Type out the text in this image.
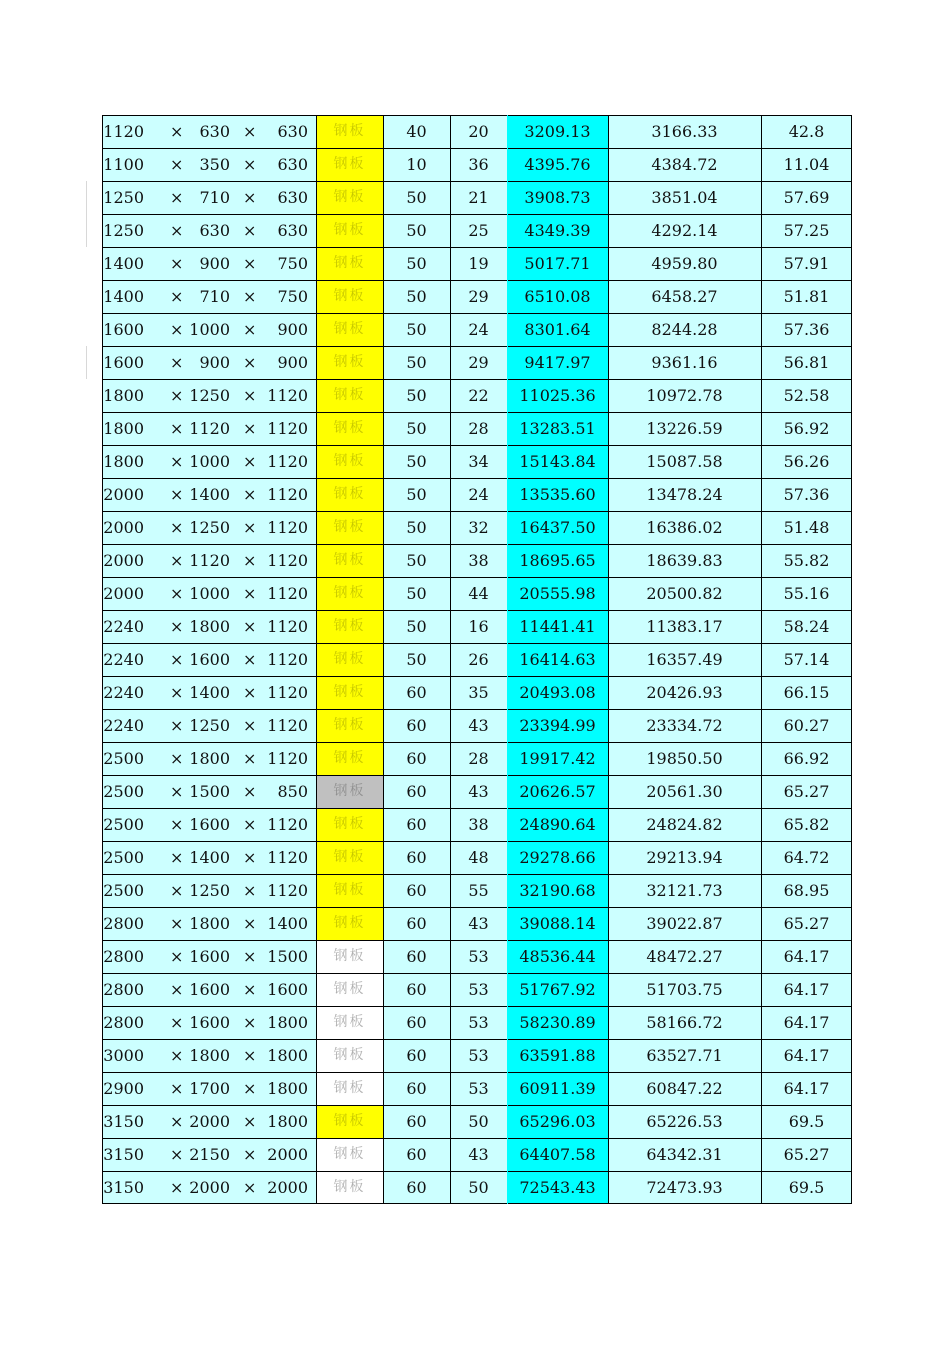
1120 × 630 × 630	钢板	40	20	3209.13	3166.33	42.8
1100 × 350 × 630	钢板	10	36	4395.76	4384.72	11.04
1250 × 710 × 630	钢板	50	21	3908.73	3851.04	57.69
1250 × 630 × 630	钢板	50	25	4349.39	4292.14	57.25
1400 × 900 × 750	钢板	50	19	5017.71	4959.80	57.91
1400 × 710 × 750	钢板	50	29	6510.08	6458.27	51.81
1600 × 1000 × 900	钢板	50	24	8301.64	8244.28	57.36
1600 × 900 × 900	钢板	50	29	9417.97	9361.16	56.81
1800 × 1250 × 1120	钢板	50	22	11025.36	10972.78	52.58
1800 × 1120 × 1120	钢板	50	28	13283.51	13226.59	56.92
1800 × 1000 × 1120	钢板	50	34	15143.84	15087.58	56.26
2000 × 1400 × 1120	钢板	50	24	13535.60	13478.24	57.36
2000 × 1250 × 1120	钢板	50	32	16437.50	16386.02	51.48
2000 × 1120 × 1120	钢板	50	38	18695.65	18639.83	55.82
2000 × 1000 × 1120	钢板	50	44	20555.98	20500.82	55.16
2240 × 1800 × 1120	钢板	50	16	11441.41	11383.17	58.24
2240 × 1600 × 1120	钢板	50	26	16414.63	16357.49	57.14
2240 × 1400 × 1120	钢板	60	35	20493.08	20426.93	66.15
2240 × 1250 × 1120	钢板	60	43	23394.99	23334.72	60.27
2500 × 1800 × 1120	钢板	60	28	19917.42	19850.50	66.92
2500 × 1500 × 850	钢板	60	43	20626.57	20561.30	65.27
2500 × 1600 × 1120	钢板	60	38	24890.64	24824.82	65.82
2500 × 1400 × 1120	钢板	60	48	29278.66	29213.94	64.72
2500 × 1250 × 1120	钢板	60	55	32190.68	32121.73	68.95
2800 × 1800 × 1400	钢板	60	43	39088.14	39022.87	65.27
2800 × 1600 × 1500	钢板	60	53	48536.44	48472.27	64.17
2800 × 1600 × 1600	钢板	60	53	51767.92	51703.75	64.17
2800 × 1600 × 1800	钢板	60	53	58230.89	58166.72	64.17
3000 × 1800 × 1800	钢板	60	53	63591.88	63527.71	64.17
2900 × 1700 × 1800	钢板	60	53	60911.39	60847.22	64.17
3150 × 2000 × 1800	钢板	60	50	65296.03	65226.53	69.5
3150 × 2150 × 2000	钢板	60	43	64407.58	64342.31	65.27
3150 × 2000 × 2000	钢板	60	50	72543.43	72473.93	69.5
